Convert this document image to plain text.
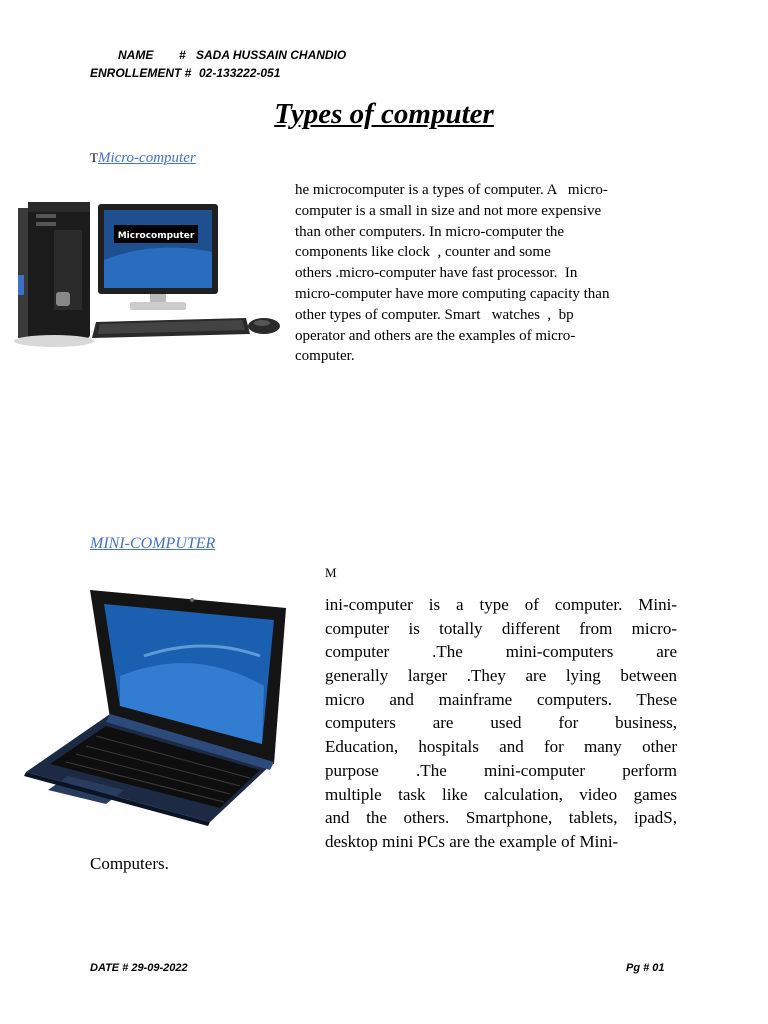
NAME # SADA HUSSAIN CHANDIO
ENROLLEMENT # 02-133222-051
Types of computer
TMicro-computer
Microcomputer
he microcomputer is a types of computer. A   micro-
computer is a small in size and not more expensive
than other computers. In micro-computer the
components like clock  , counter and some
others .micro-computer have fast processor.  In
micro-computer have more computing capacity than
other types of computer. Smart   watches  ,  bp
operator and others are the examples of micro-
computer.
MINI-COMPUTER
M
ini-computer is a type of computer. Mini-
computer is totally different from micro-
computer .The mini-computers are
generally larger .They are lying between
micro and mainframe computers. These
computers are used for business,
Education, hospitals and for many other
purpose .The mini-computer perform
multiple task like calculation, video games
and the others. Smartphone, tablets, ipadS,
desktop mini PCs are the example of Mini-
Computers.
DATE # 29-09-2022	Pg # 01
